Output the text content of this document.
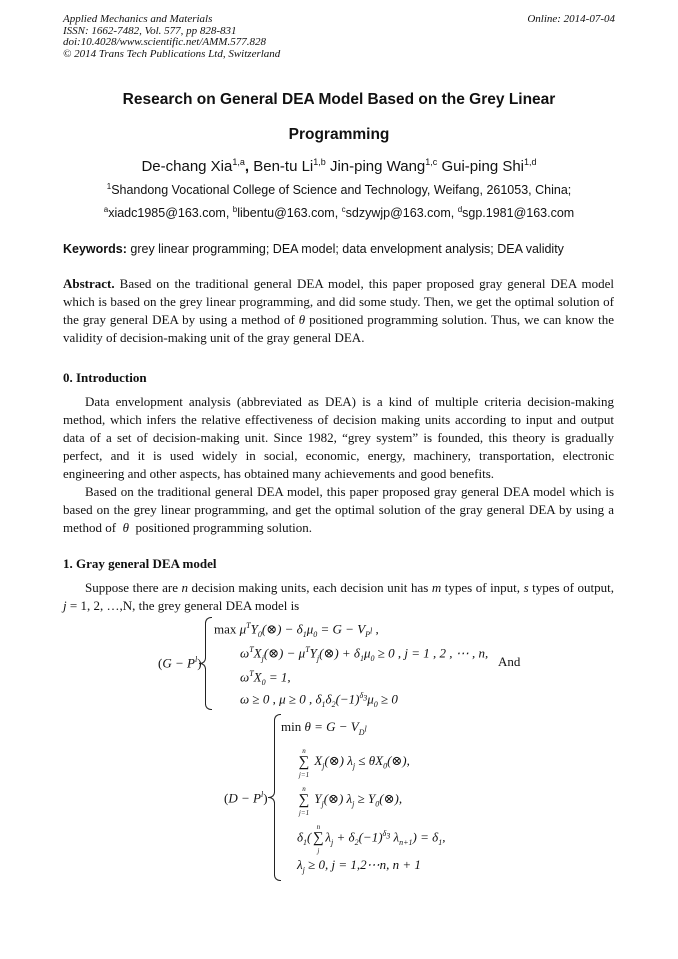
Applied Mechanics and Materials
ISSN: 1662-7482, Vol. 577, pp 828-831
doi:10.4028/www.scientific.net/AMM.577.828
© 2014 Trans Tech Publications Ltd, Switzerland
Online: 2014-07-04
Research on General DEA Model Based on the Grey Linear
Programming
De-chang Xia$^{1,a}$, Ben-tu Li$^{1,b}$ Jin-ping Wang$^{1,c}$ Gui-ping Shi$^{1,d}$
$^1$Shandong Vocational College of Science and Technology, Weifang, 261053, China;
$^a$xiadc1985@163.com, $^b$libentu@163.com, $^c$sdzywjp@163.com, $^d$sgp.1981@163.com
Keywords: grey linear programming; DEA model; data envelopment analysis; DEA validity

Abstract. Based on the traditional general DEA model, this paper proposed gray general DEA model which is based on the grey linear programming, and did some study. Then, we get the optimal solution of the gray general DEA by using a method of θ positioned programming solution. Thus, we can know the validity of decision-making unit of the gray general DEA.

0. Introduction

Data envelopment analysis (abbreviated as DEA) is a kind of multiple criteria decision-making method, which infers the relative effectiveness of decision making units according to input and output data of a set of decision-making unit. Since 1982, “grey system” is founded, this theory is gradually perfect, and it is used widely in social, economic, energy, machinery, transportation, electronic engineering and other aspects, has obtained many achievements and good benefits.

Based on the traditional general DEA model, this paper proposed gray general DEA model which is based on the grey linear programming, and get the optimal solution of the gray general DEA by using a method of θ positioned programming solution.

1. Gray general DEA model

Suppose there are n decision making units, each decision unit has m types of input, s types of output, j = 1, 2, …,N, the grey general DEA model is

$(G - P^l)$
$\max \mu^TY_0(\otimes) - \delta_1\mu_0 = G - V_{P^l}$ ,
$\omega^TX_j(\otimes)$ − $\mu^TY_j(\otimes) + \delta_1\mu_0 \ge 0$ , j = 1 , 2 , ⋯ , n,
And
$\omega^TX_0 = 1$,
ω ≥ 0 , μ ≥ 0 , $\delta_1\delta_2(-1)^{\delta_3}\mu_0 \ge 0$
$(D - P^l)$
$\min \theta = G - V_{D^l}$
n
∑
j=1
$X_j(\otimes) \lambda_j$ ≤ $\theta X_0(\otimes)$,
n
∑
j=1
$Y_j(\otimes) \lambda_j$ ≥ $Y_0(\otimes)$,
$\delta_1$(
n
∑
j
$\lambda_j + \delta_2(-1)^{\delta_3}$ $\lambda_{n+1}) = \delta_1$,
$\lambda_j \ge 0$, j = 1,2⋯n, n + 1
